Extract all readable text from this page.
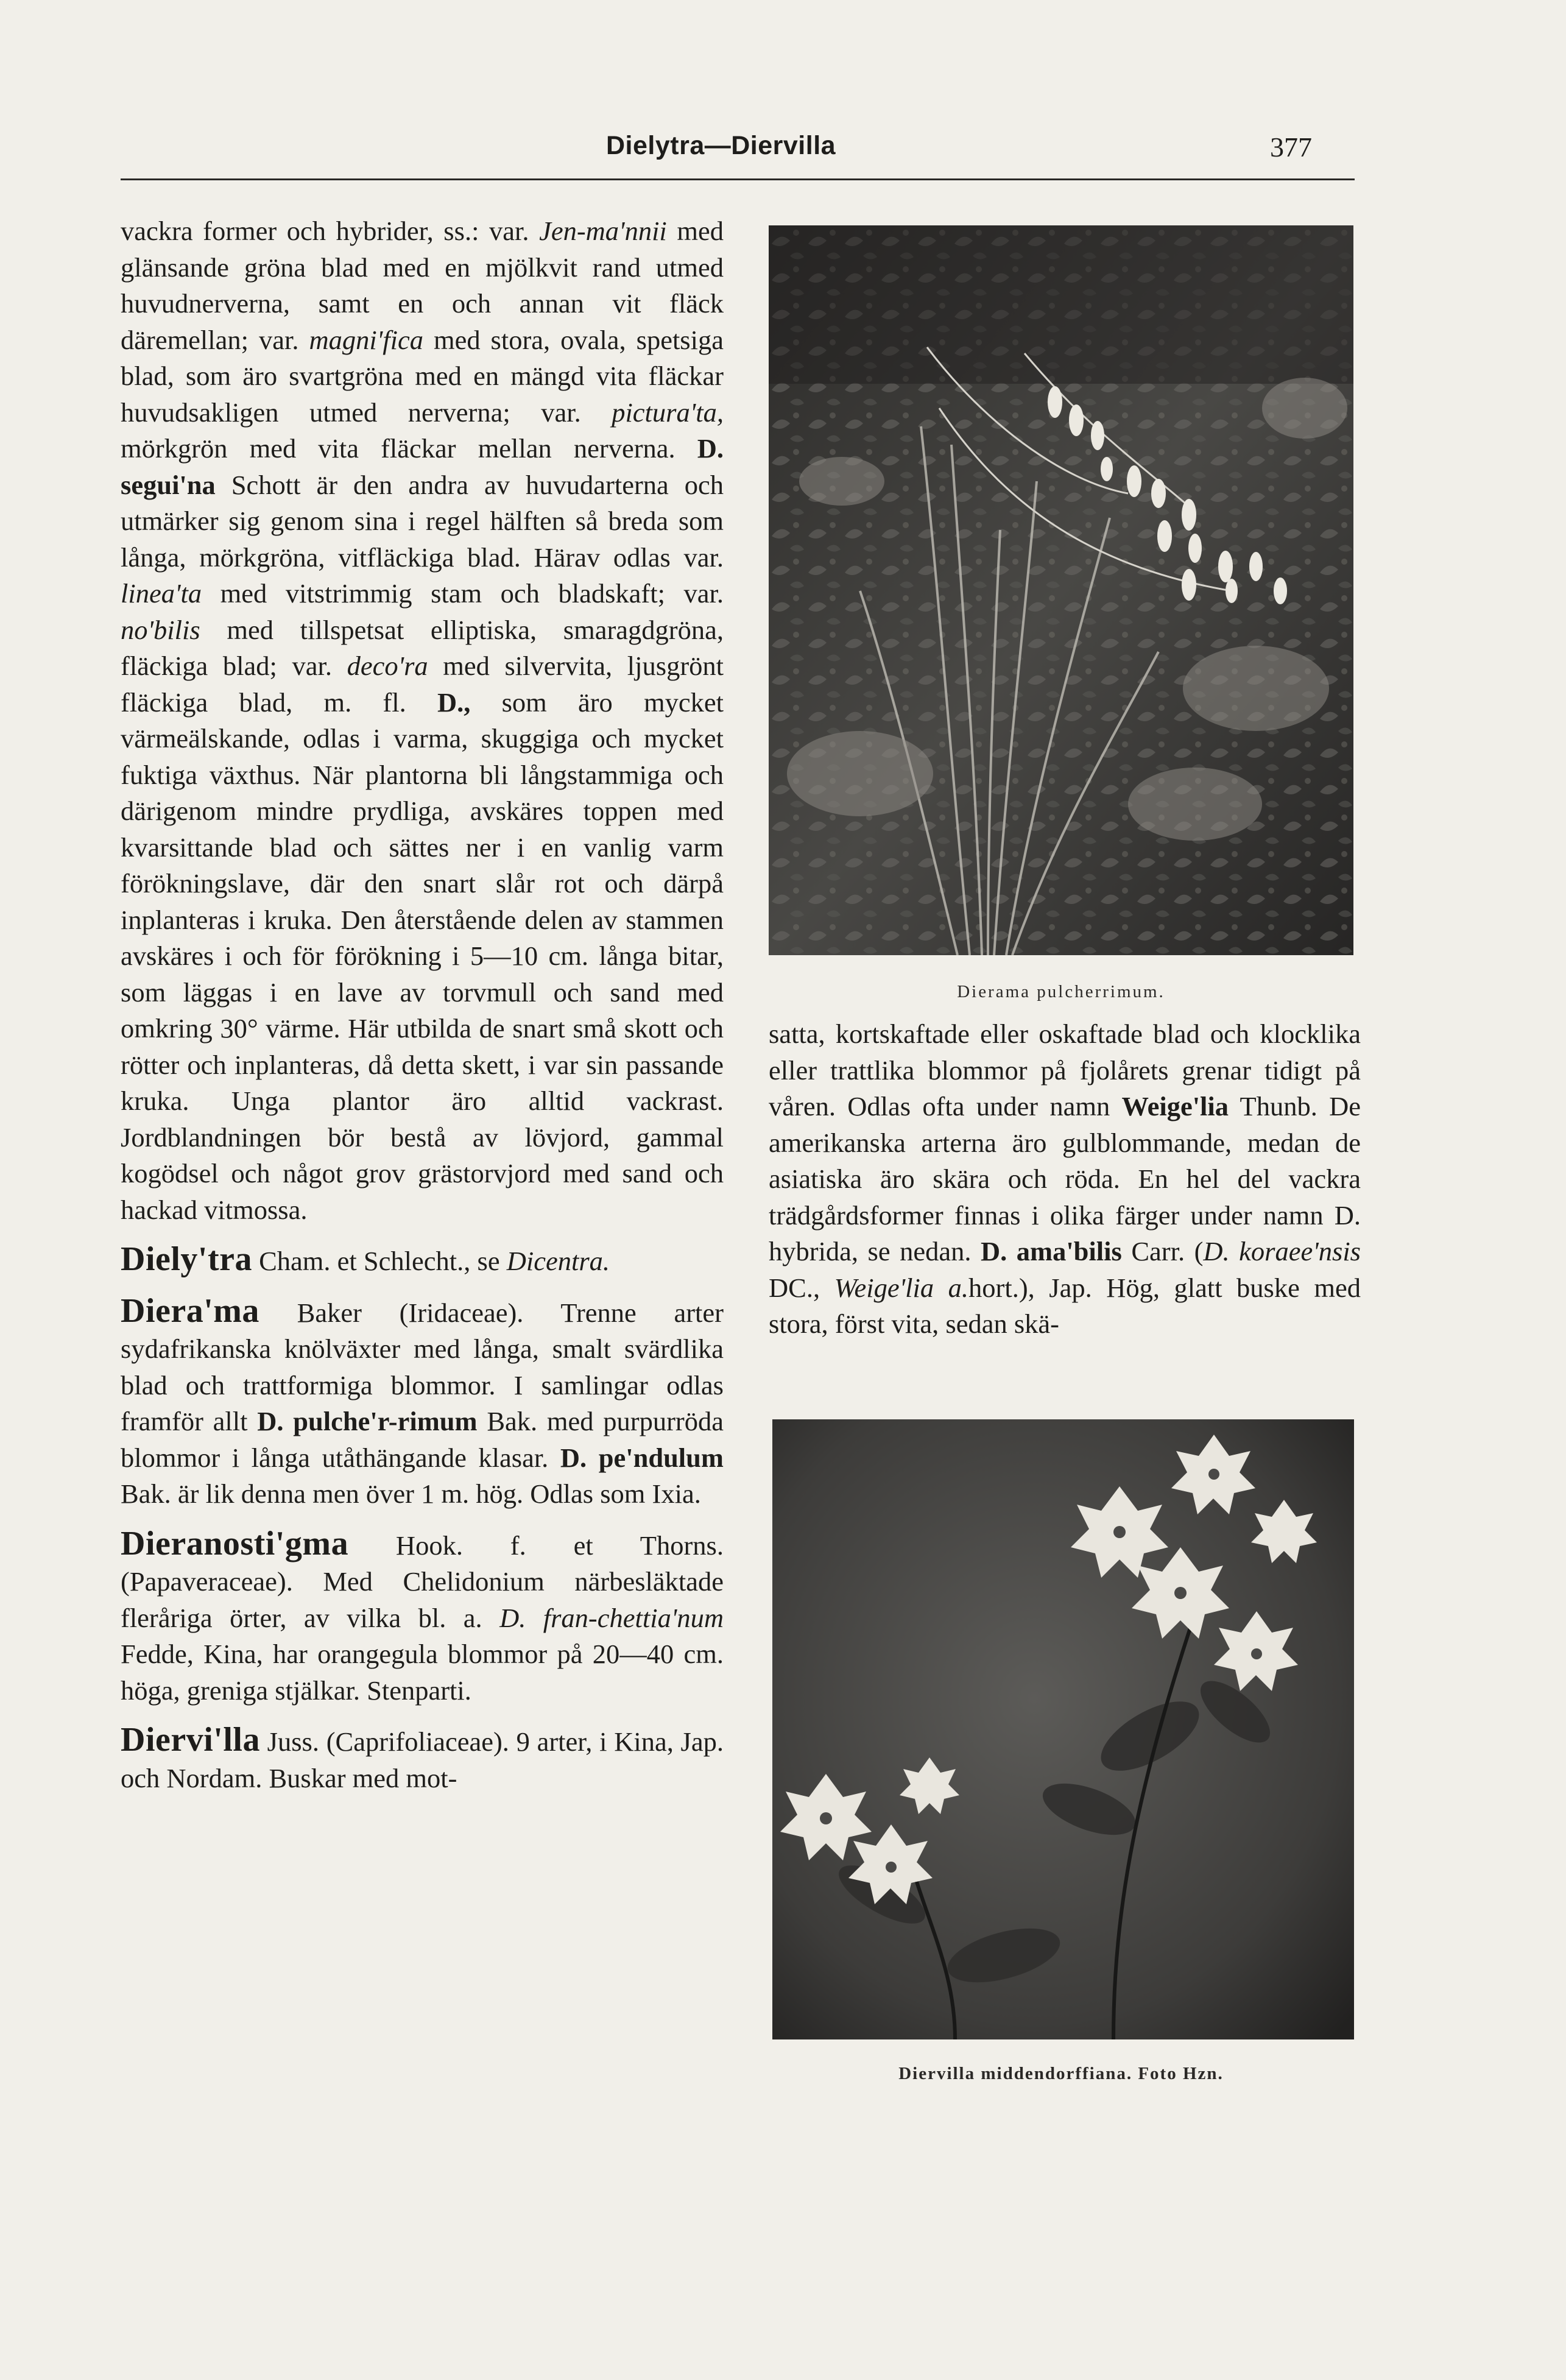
Dielytra—Diervilla	377

vackra former och hybrider, ss.: var. Jen-ma'nnii med glänsande gröna blad med en mjölkvit rand utmed huvudnerverna, samt en och annan vit fläck däremellan; var. magni'fica med stora, ovala, spetsiga blad, som äro svartgröna med en mängd vita fläckar huvudsakligen utmed nerverna; var. pictura'ta, mörkgrön med vita fläckar mellan nerverna. D. segui'na Schott är den andra av huvudarterna och utmärker sig genom sina i regel hälften så breda som långa, mörkgröna, vitfläckiga blad. Härav odlas var. linea'ta med vitstrimmig stam och bladskaft; var. no'bilis med tillspetsat elliptiska, smaragdgröna, fläckiga blad; var. deco'ra med silvervita, ljusgrönt fläckiga blad, m. fl. D., som äro mycket värmeälskande, odlas i varma, skuggiga och mycket fuktiga växthus. När plantorna bli långstammiga och därigenom mindre prydliga, avskäres toppen med kvarsittande blad och sättes ner i en vanlig varm förökningslave, där den snart slår rot och därpå inplanteras i kruka. Den återstående delen av stammen avskäres i och för förökning i 5—10 cm. långa bitar, som läggas i en lave av torvmull och sand med omkring 30° värme. Här utbilda de snart små skott och rötter och inplanteras, då detta skett, i var sin passande kruka. Unga plantor äro alltid vackrast. Jordblandningen bör bestå av lövjord, gammal kogödsel och något grov grästorvjord med sand och hackad vitmossa.

Diely'tra Cham. et Schlecht., se Dicentra.

Diera'ma Baker (Iridaceae). Trenne arter sydafrikanska knölväxter med långa, smalt svärdlika blad och trattformiga blommor. I samlingar odlas framför allt D. pulche'r-rimum Bak. med purpurröda blommor i långa utåthängande klasar. D. pe'ndulum Bak. är lik denna men över 1 m. hög. Odlas som Ixia.

Dieranosti'gma Hook. f. et Thorns. (Papaveraceae). Med Chelidonium närbesläktade fleråriga örter, av vilka bl. a. D. fran-chettia'num Fedde, Kina, har orangegula blommor på 20—40 cm. höga, greniga stjälkar. Stenparti.

Diervi'lla Juss. (Caprifoliaceae). 9 arter, i Kina, Jap. och Nordam. Buskar med mot-

Dierama pulcherrimum.

satta, kortskaftade eller oskaftade blad och klocklika eller trattlika blommor på fjolårets grenar tidigt på våren. Odlas ofta under namn Weige'lia Thunb. De amerikanska arterna äro gulblommande, medan de asiatiska äro skära och röda. En hel del vackra trädgårdsformer finnas i olika färger under namn D. hybrida, se nedan. D. ama'bilis Carr. (D. koraee'nsis DC., Weige'lia a.hort.), Jap. Hög, glatt buske med stora, först vita, sedan skä-

Diervilla middendorffiana. Foto Hzn.
